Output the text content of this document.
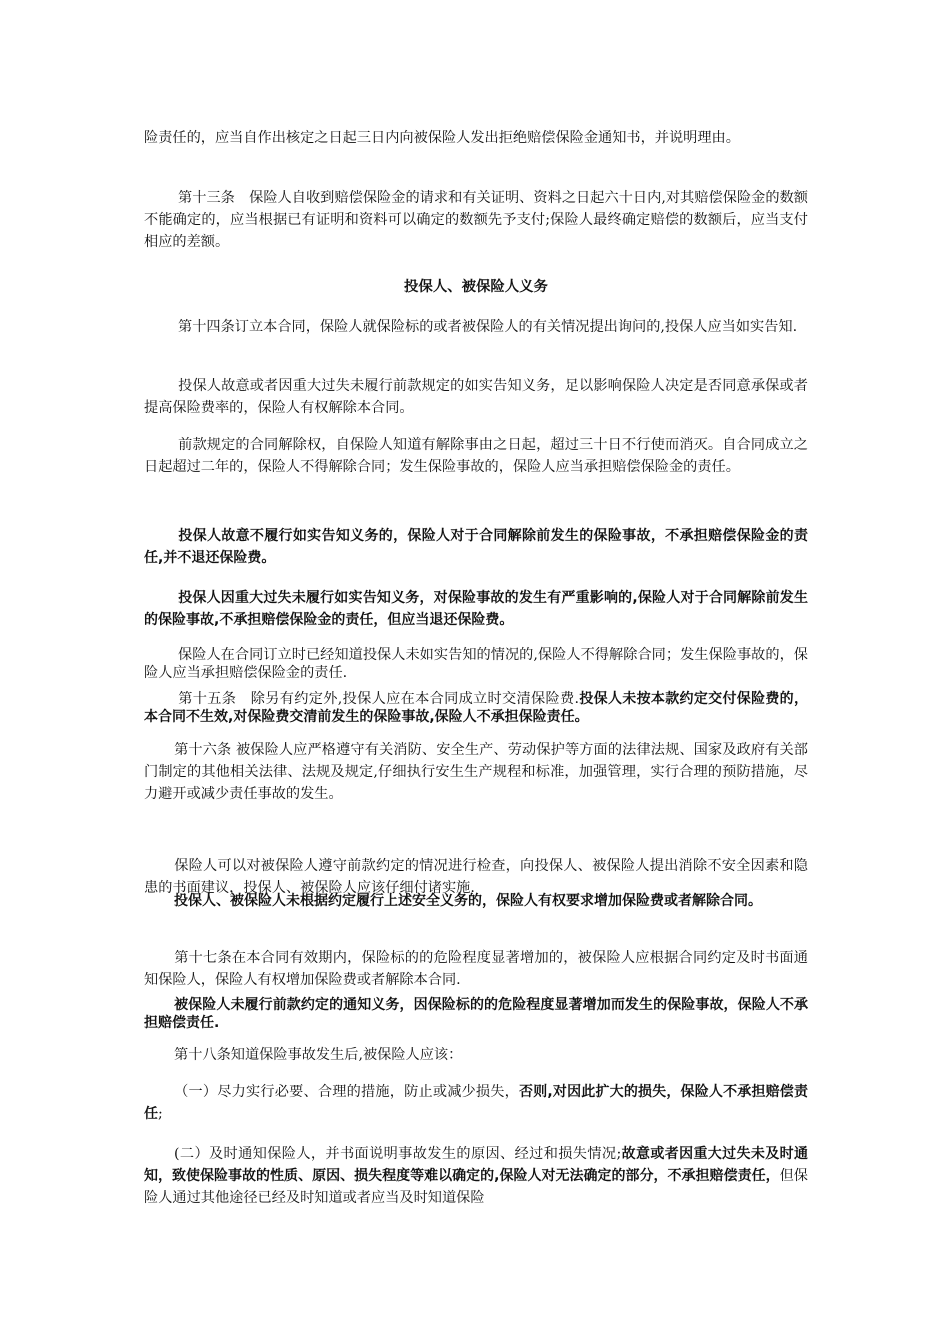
险责任的，应当自作出核定之日起三日内向被保险人发出拒绝赔偿保险金通知书，并说明理由。
第十三条　保险人自收到赔偿保险金的请求和有关证明、资料之日起六十日内,对其赔偿保险金的数额不能确定的，应当根据已有证明和资料可以确定的数额先予支付;保险人最终确定赔偿的数额后，应当支付相应的差额。
投保人、被保险人义务
第十四条订立本合同，保险人就保险标的或者被保险人的有关情况提出询问的,投保人应当如实告知.
投保人故意或者因重大过失未履行前款规定的如实告知义务，足以影响保险人决定是否同意承保或者提高保险费率的，保险人有权解除本合同。
前款规定的合同解除权，自保险人知道有解除事由之日起，超过三十日不行使而消灭。自合同成立之日起超过二年的，保险人不得解除合同；发生保险事故的，保险人应当承担赔偿保险金的责任。
投保人故意不履行如实告知义务的，保险人对于合同解除前发生的保险事故，不承担赔偿保险金的责任,并不退还保险费。
投保人因重大过失未履行如实告知义务，对保险事故的发生有严重影响的,保险人对于合同解除前发生的保险事故,不承担赔偿保险金的责任，但应当退还保险费。
保险人在合同订立时已经知道投保人未如实告知的情况的,保险人不得解除合同；发生保险事故的，保险人应当承担赔偿保险金的责任.
第十五条　除另有约定外,投保人应在本合同成立时交清保险费.投保人未按本款约定交付保险费的，本合同不生效,对保险费交清前发生的保险事故,保险人不承担保险责任。
第十六条 被保险人应严格遵守有关消防、安全生产、劳动保护等方面的法律法规、国家及政府有关部门制定的其他相关法律、法规及规定,仔细执行安生生产规程和标准，加强管理，实行合理的预防措施，尽力避开或减少责任事故的发生。
保险人可以对被保险人遵守前款约定的情况进行检查，向投保人、被保险人提出消除不安全因素和隐患的书面建议，投保人、被保险人应该仔细付诸实施.
投保人、被保险人未根据约定履行上述安全义务的，保险人有权要求增加保险费或者解除合同。
第十七条在本合同有效期内，保险标的的危险程度显著增加的，被保险人应根据合同约定及时书面通知保险人，保险人有权增加保险费或者解除本合同.
被保险人未履行前款约定的通知义务，因保险标的的危险程度显著增加而发生的保险事故，保险人不承担赔偿责任.
第十八条知道保险事故发生后,被保险人应该：
（一）尽力实行必要、合理的措施，防止或减少损失，否则,对因此扩大的损失，保险人不承担赔偿责任;
(二）及时通知保险人，并书面说明事故发生的原因、经过和损失情况;故意或者因重大过失未及时通知，致使保险事故的性质、原因、损失程度等难以确定的,保险人对无法确定的部分，不承担赔偿责任，但保险人通过其他途径已经及时知道或者应当及时知道保险
